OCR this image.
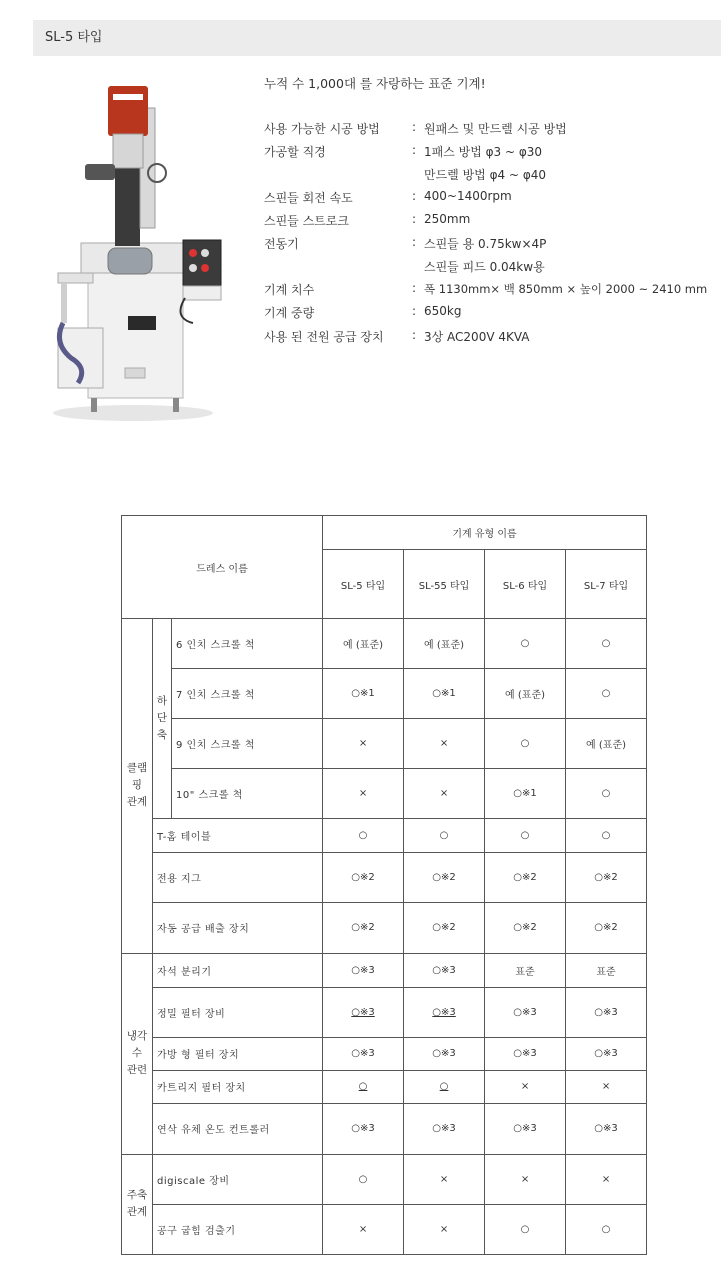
SL-5 타입
누적 수 1,000대 를 자랑하는 표준 기계!
사용 가능한 시공 방법	: 원패스 및 만드렐 시공 방법
가공할 직경	: 1패스 방법 φ3 ~ φ30
만드렐 방법 φ4 ~ φ40
스핀들 회전 속도	: 400~1400rpm
스핀들 스트로크	: 250mm
전동기	: 스핀들 용 0.75kw×4P
스핀들 피드 0.04kw용
기계 치수	: 폭 1130mm× 백 850mm × 높이 2000 ~ 2410 mm
기계 중량	: 650kg
사용 된 전원 공급 장치 : 3상 AC200V 4KVA
드레스 이름			기계 유형 이름			
			SL-5 타입	SL-55 타입	SL-6 타입	SL-7 타입
클램
핑
관계	하
단
축	6 인치 스크롤 척	예 (표준)	예 (표준)	○	○
		7 인치 스크롤 척	○※1	○※1	예 (표준)	○
		9 인치 스크롤 척	×	×	○	예 (표준)
		10" 스크롤 척	×	×	○※1	○
	T-홈 테이블		○	○	○	○
	전용 지그		○※2	○※2	○※2	○※2
	자동 공급 배출 장치		○※2	○※2	○※2	○※2
냉각
수
관련	자석 분리기		○※3	○※3	표준	표준
	정밀 필터 장비		○※3	○※3	○※3	○※3
	가방 형 필터 장치		○※3	○※3	○※3	○※3
	카트리지 필터 장치		○	○	×	×
	연삭 유체 온도 컨트롤러		○※3	○※3	○※3	○※3
주축
관계	digiscale 장비		○	×	×	×
	공구 굽힘 검출기		×	×	○	○
